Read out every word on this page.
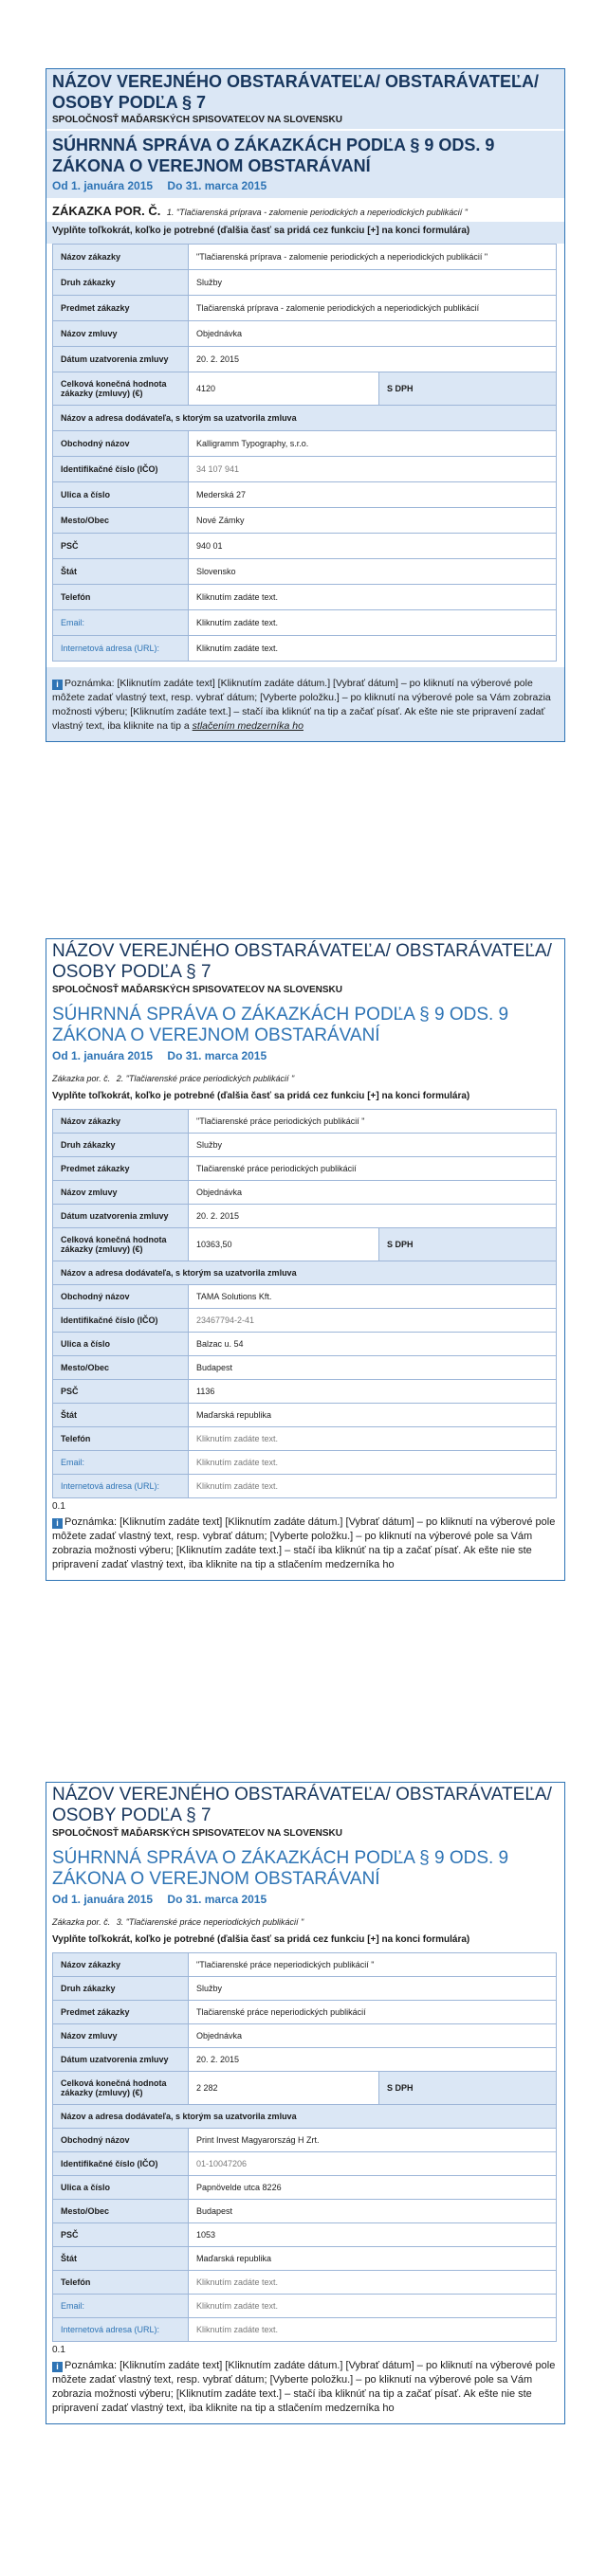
NÁZOV VEREJNÉHO OBSTARÁVATEĽA/ OBSTARÁVATEĽA/ OSOBY PODĽA § 7
SPOLOČNOSŤ MAĎARSKÝCH SPISOVATEĽOV NA SLOVENSKU
SÚHRNNÁ SPRÁVA O ZÁKAZKÁCH PODĽA § 9 ODS. 9 ZÁKONA O VEREJNOM OBSTARÁVANÍ
Od 1. januára 2015 Do 31. marca 2015
ZÁKAZKA POR. Č. 1. "Tlačiarenská príprava - zalomenie periodických a neperiodických publikácií "
Vyplňte toľkokrát, koľko je potrebné (ďalšia časť sa pridá cez funkciu [+] na konci formulára)
Názov zákazky	"Tlačiarenská príprava - zalomenie periodických a neperiodických publikácií "	
Druh zákazky	Služby	
Predmet zákazky	Tlačiarenská príprava - zalomenie periodických a neperiodických publikácií	
Názov zmluvy	Objednávka	
Dátum uzatvorenia zmluvy	20. 2. 2015	
Celková konečná hodnota zákazky (zmluvy) (€)	4120	S DPH
Názov a adresa dodávateľa, s ktorým sa uzatvorila zmluva		
Obchodný názov	Kalligramm Typography, s.r.o.	
Identifikačné číslo (IČO)	34 107 941	
Ulica a číslo	Mederská 27	
Mesto/Obec	Nové Zámky	
PSČ	940 01	
Štát	Slovensko	
Telefón	Kliknutím zadáte text.	
Email:	Kliknutím zadáte text.	
Internetová adresa (URL):	Kliknutím zadáte text.	
i Poznámka: [Kliknutím zadáte text] [Kliknutím zadáte dátum.] [Vybrať dátum] – po kliknutí na výberové pole môžete zadať vlastný text, resp. vybrať dátum; [Vyberte položku.] – po kliknutí na výberové pole sa Vám zobrazia možnosti výberu; [Kliknutím zadáte text.] – stačí iba kliknúť na tip a začať písať. Ak ešte nie ste pripravení zadať vlastný text, iba kliknite na tip a stlačením medzerníka ho
NÁZOV VEREJNÉHO OBSTARÁVATEĽA/ OBSTARÁVATEĽA/ OSOBY PODĽA § 7
SPOLOČNOSŤ MAĎARSKÝCH SPISOVATEĽOV NA SLOVENSKU
SÚHRNNÁ SPRÁVA O ZÁKAZKÁCH PODĽA § 9 ODS. 9 ZÁKONA O VEREJNOM OBSTARÁVANÍ
Od 1. januára 2015 Do 31. marca 2015
Zákazka por. č. 2. "Tlačiarenské práce periodických publikácií "
Vyplňte toľkokrát, koľko je potrebné (ďalšia časť sa pridá cez funkciu [+] na konci formulára)
Názov zákazky	"Tlačiarenské práce periodických publikácií "	
Druh zákazky	Služby	
Predmet zákazky	Tlačiarenské práce periodických publikácií	
Názov zmluvy	Objednávka	
Dátum uzatvorenia zmluvy	20. 2. 2015	
Celková konečná hodnota zákazky (zmluvy) (€)	10363,50	S DPH
Názov a adresa dodávateľa, s ktorým sa uzatvorila zmluva		
Obchodný názov	TAMA Solutions Kft.	
Identifikačné číslo (IČO)	23467794-2-41	
Ulica a číslo	Balzac u. 54	
Mesto/Obec	Budapest	
PSČ	1136	
Štát	Maďarská republika	
Telefón	Kliknutím zadáte text.	
Email:	Kliknutím zadáte text.	
Internetová adresa (URL):	Kliknutím zadáte text.	
0.1
i Poznámka: [Kliknutím zadáte text] [Kliknutím zadáte dátum.] [Vybrať dátum] – po kliknutí na výberové pole môžete zadať vlastný text, resp. vybrať dátum; [Vyberte položku.] – po kliknutí na výberové pole sa Vám zobrazia možnosti výberu; [Kliknutím zadáte text.] – stačí iba kliknúť na tip a začať písať. Ak ešte nie ste pripravení zadať vlastný text, iba kliknite na tip a stlačením medzerníka ho
NÁZOV VEREJNÉHO OBSTARÁVATEĽA/ OBSTARÁVATEĽA/ OSOBY PODĽA § 7
SPOLOČNOSŤ MAĎARSKÝCH SPISOVATEĽOV NA SLOVENSKU
SÚHRNNÁ SPRÁVA O ZÁKAZKÁCH PODĽA § 9 ODS. 9 ZÁKONA O VEREJNOM OBSTARÁVANÍ
Od 1. januára 2015 Do 31. marca 2015
Zákazka por. č. 3. "Tlačiarenské práce neperiodických publikácií "
Vyplňte toľkokrát, koľko je potrebné (ďalšia časť sa pridá cez funkciu [+] na konci formulára)
Názov zákazky	"Tlačiarenské práce neperiodických publikácií "	
Druh zákazky	Služby	
Predmet zákazky	Tlačiarenské práce neperiodických publikácií	
Názov zmluvy	Objednávka	
Dátum uzatvorenia zmluvy	20. 2. 2015	
Celková konečná hodnota zákazky (zmluvy) (€)	2 282	S DPH
Názov a adresa dodávateľa, s ktorým sa uzatvorila zmluva		
Obchodný názov	Print Invest Magyarország H Zrt.	
Identifikačné číslo (IČO)	01-10047206	
Ulica a číslo	Papnövelde utca 8226	
Mesto/Obec	Budapest	
PSČ	1053	
Štát	Maďarská republika	
Telefón	Kliknutím zadáte text.	
Email:	Kliknutím zadáte text.	
Internetová adresa (URL):	Kliknutím zadáte text.	
0.1
i Poznámka: [Kliknutím zadáte text] [Kliknutím zadáte dátum.] [Vybrať dátum] – po kliknutí na výberové pole môžete zadať vlastný text, resp. vybrať dátum; [Vyberte položku.] – po kliknutí na výberové pole sa Vám zobrazia možnosti výberu; [Kliknutím zadáte text.] – stačí iba kliknúť na tip a začať písať. Ak ešte nie ste pripravení zadať vlastný text, iba kliknite na tip a stlačením medzerníka ho
